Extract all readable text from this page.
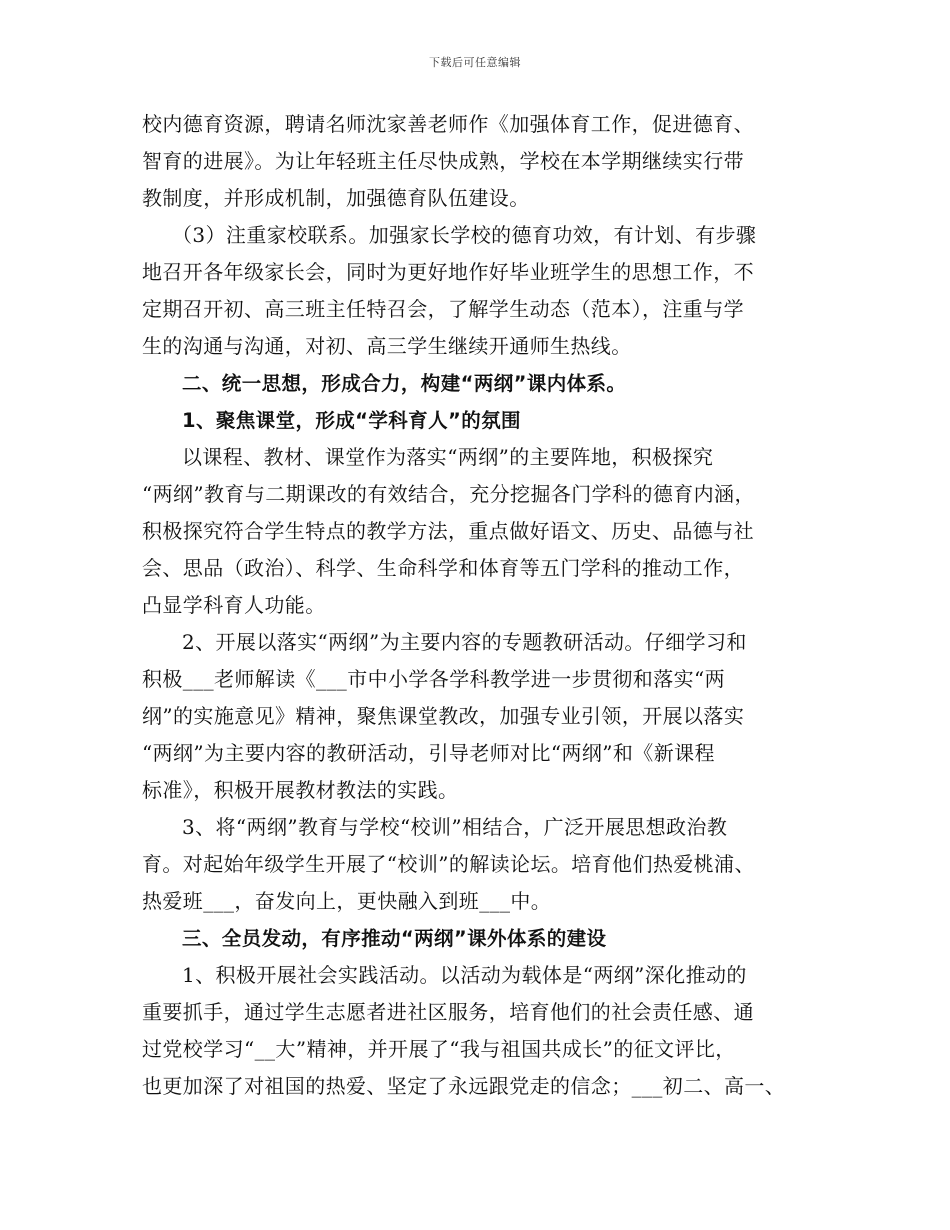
下载后可任意编辑
校内德育资源，聘请名师沈家善老师作《加强体育工作，促进德育、
智育的进展》。为让年轻班主任尽快成熟，学校在本学期继续实行带
教制度，并形成机制，加强德育队伍建设。
（3）注重家校联系。加强家长学校的德育功效，有计划、有步骤
地召开各年级家长会，同时为更好地作好毕业班学生的思想工作，不
定期召开初、高三班主任特召会，了解学生动态（范本），注重与学
生的沟通与沟通，对初、高三学生继续开通师生热线。
二、统一思想，形成合力，构建“两纲”课内体系。
1、聚焦课堂，形成“学科育人”的氛围
以课程、教材、课堂作为落实“两纲”的主要阵地，积极探究
“两纲”教育与二期课改的有效结合，充分挖掘各门学科的德育内涵，
积极探究符合学生特点的教学方法，重点做好语文、历史、品德与社
会、思品（政治）、科学、生命科学和体育等五门学科的推动工作，
凸显学科育人功能。
2、开展以落实“两纲”为主要内容的专题教研活动。仔细学习和
积极___老师解读《___市中小学各学科教学进一步贯彻和落实“两
纲”的实施意见》精神，聚焦课堂教改，加强专业引领，开展以落实
“两纲”为主要内容的教研活动，引导老师对比“两纲”和《新课程
标准》，积极开展教材教法的实践。
3、将“两纲”教育与学校“校训”相结合，广泛开展思想政治教
育。对起始年级学生开展了“校训”的解读论坛。培育他们热爱桃浦、
热爱班___，奋发向上，更快融入到班___中。
三、全员发动，有序推动“两纲”课外体系的建设
1、积极开展社会实践活动。以活动为载体是“两纲”深化推动的
重要抓手，通过学生志愿者进社区服务，培育他们的社会责任感、通
过党校学习“__大”精神，并开展了“我与祖国共成长”的征文评比，
也更加深了对祖国的热爱、坚定了永远跟党走的信念；___初二、高一、
